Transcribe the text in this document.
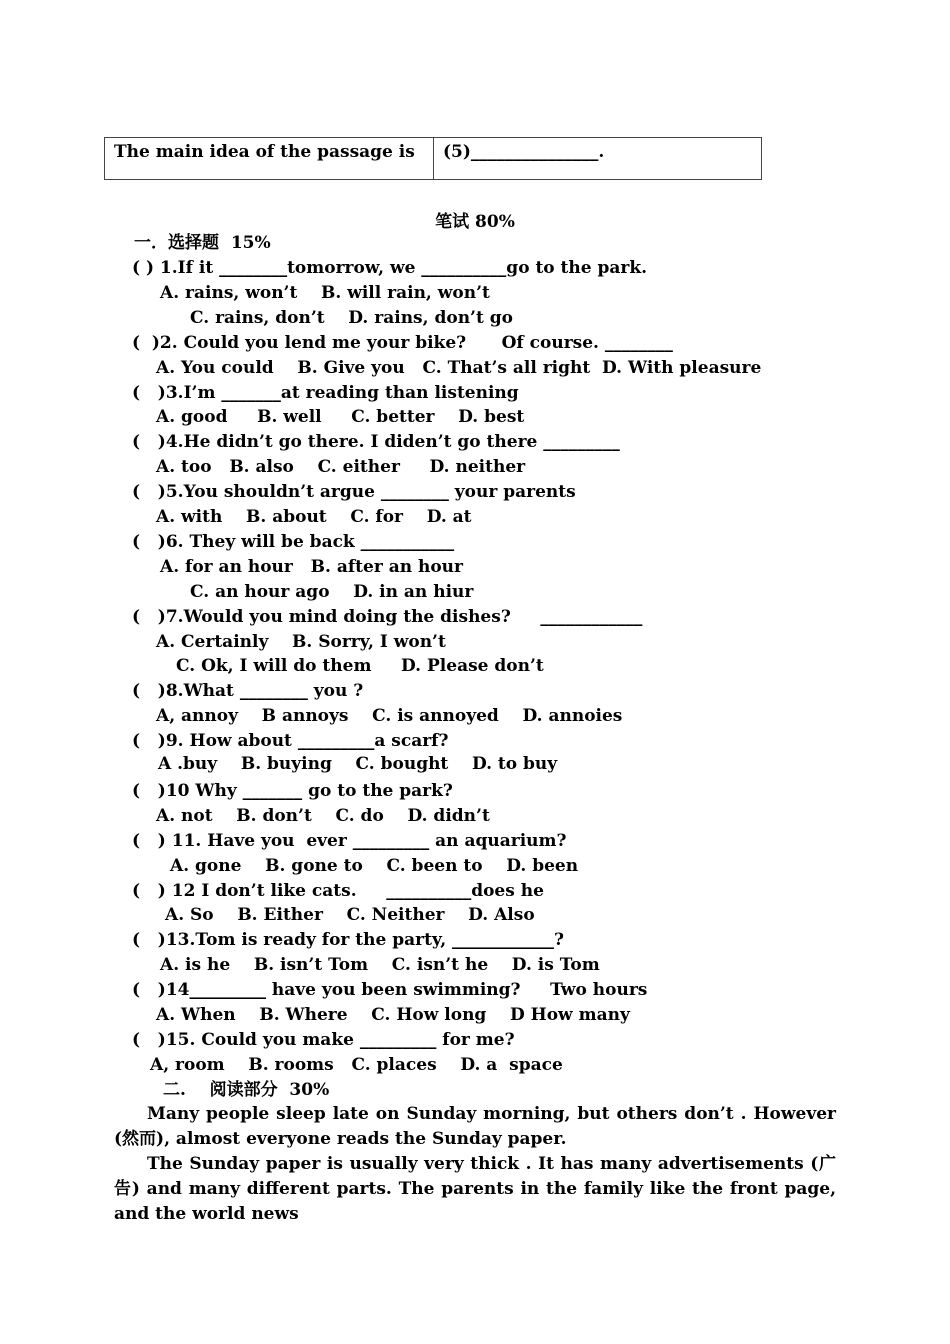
The main idea of the passage is	(5)_______________.
笔试 80%
一．选择题  15%
( ) 1.If it ________tomorrow, we __________go to the park.
A. rains, won’t    B. will rain, won’t
C. rains, don’t    D. rains, don’t go
(  )2. Could you lend me your bike?      Of course. ________
A. You could    B. Give you   C. That’s all right  D. With pleasure
(   )3.I’m _______at reading than listening
A. good     B. well     C. better    D. best
(   )4.He didn’t go there. I diden’t go there _________
A. too   B. also    C. either     D. neither
(   )5.You shouldn’t argue ________ your parents
A. with    B. about    C. for    D. at
(   )6. They will be back ___________
A. for an hour   B. after an hour
C. an hour ago    D. in an hiur
(   )7.Would you mind doing the dishes?     ____________
A. Certainly    B. Sorry, I won’t
C. Ok, I will do them     D. Please don’t
(   )8.What ________ you ?
A, annoy    B annoys    C. is annoyed    D. annoies
(   )9. How about _________a scarf?
A .buy    B. buying    C. bought    D. to buy
(   )10 Why _______ go to the park?
A. not    B. don’t    C. do    D. didn’t
(   ) 11. Have you  ever _________ an aquarium?
A. gone    B. gone to    C. been to    D. been
(   ) 12 I don’t like cats.     __________does he
A. So    B. Either    C. Neither    D. Also
(   )13.Tom is ready for the party, ____________?
A. is he    B. isn’t Tom    C. isn’t he    D. is Tom
(   )14_________ have you been swimming?     Two hours
A. When    B. Where    C. How long    D How many
(   )15. Could you make _________ for me?
A, room    B. rooms   C. places    D. a  space
二.    阅读部分  30%
Many people sleep late on Sunday morning, but others don’t . However (然而), almost everyone reads the Sunday paper.
The Sunday paper is usually very thick . It has many advertisements (广告) and many different parts. The parents in the family like the front page, and the world news
